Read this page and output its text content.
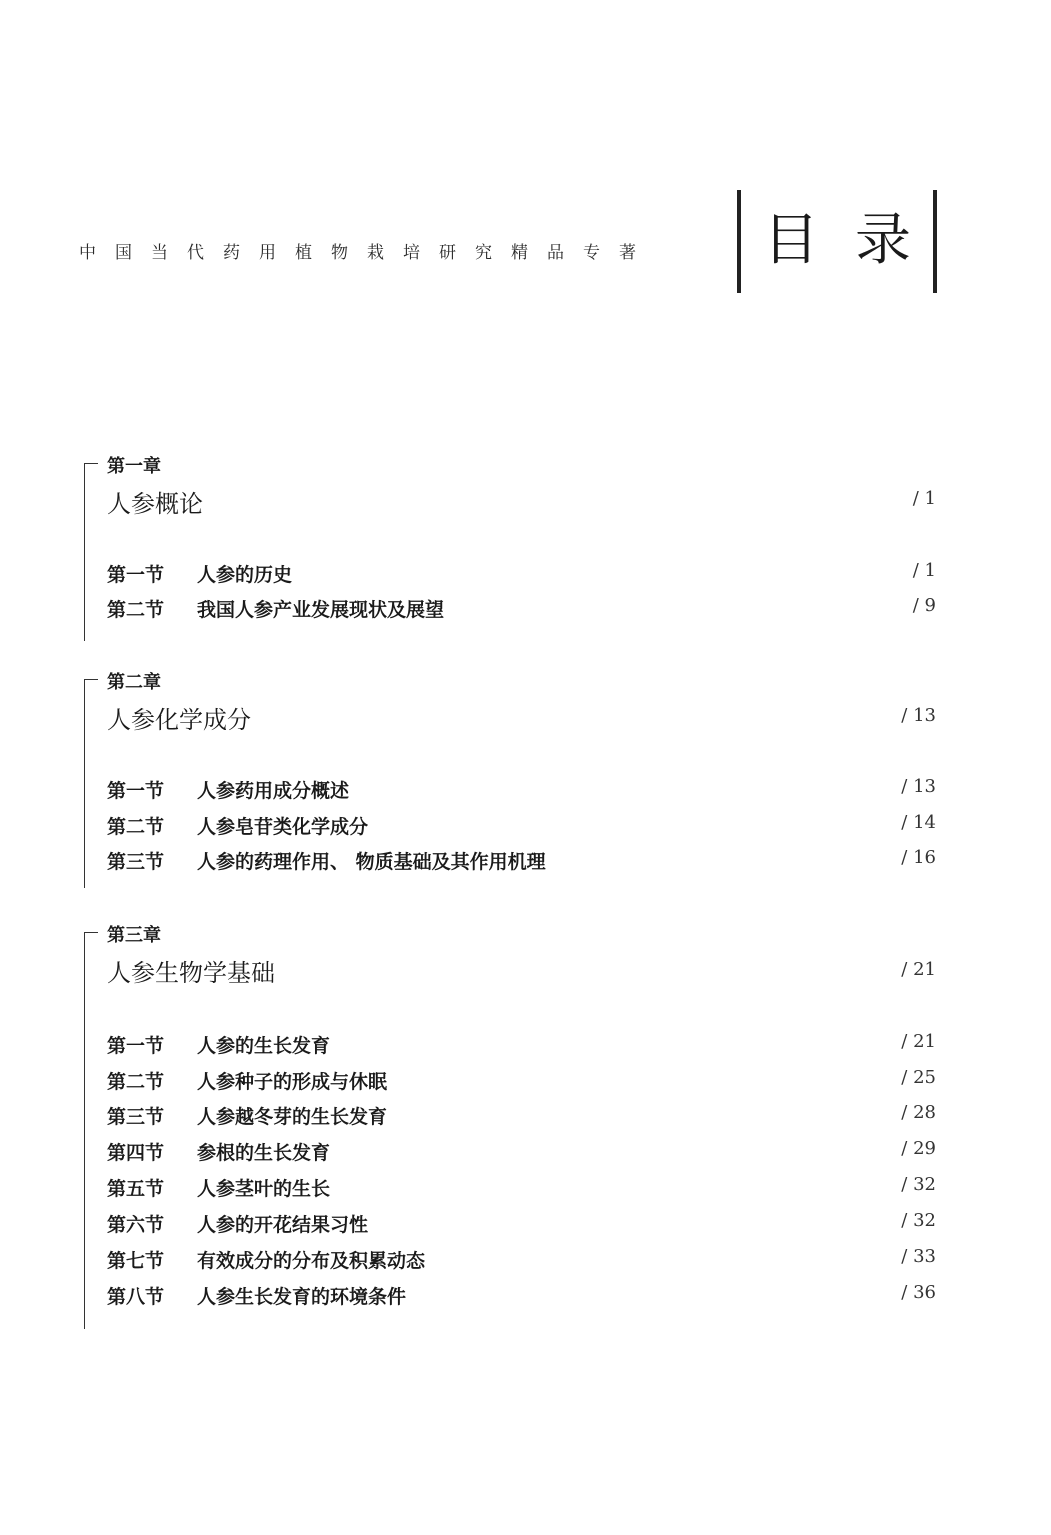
中国当代药用植物栽培研究精品专著 目录
第一章
人参概论	/ 1
第一节 人参的历史	/ 1
第二节 我国人参产业发展现状及展望	/ 9
第二章
人参化学成分	/ 13
第一节 人参药用成分概述	/ 13
第二节 人参皂苷类化学成分	/ 14
第三节 人参的药理作用、 物质基础及其作用机理	/ 16
第三章
人参生物学基础	/ 21
第一节 人参的生长发育	/ 21
第二节 人参种子的形成与休眠	/ 25
第三节 人参越冬芽的生长发育	/ 28
第四节 参根的生长发育	/ 29
第五节 人参茎叶的生长	/ 32
第六节 人参的开花结果习性	/ 32
第七节 有效成分的分布及积累动态	/ 33
第八节 人参生长发育的环境条件	/ 36
